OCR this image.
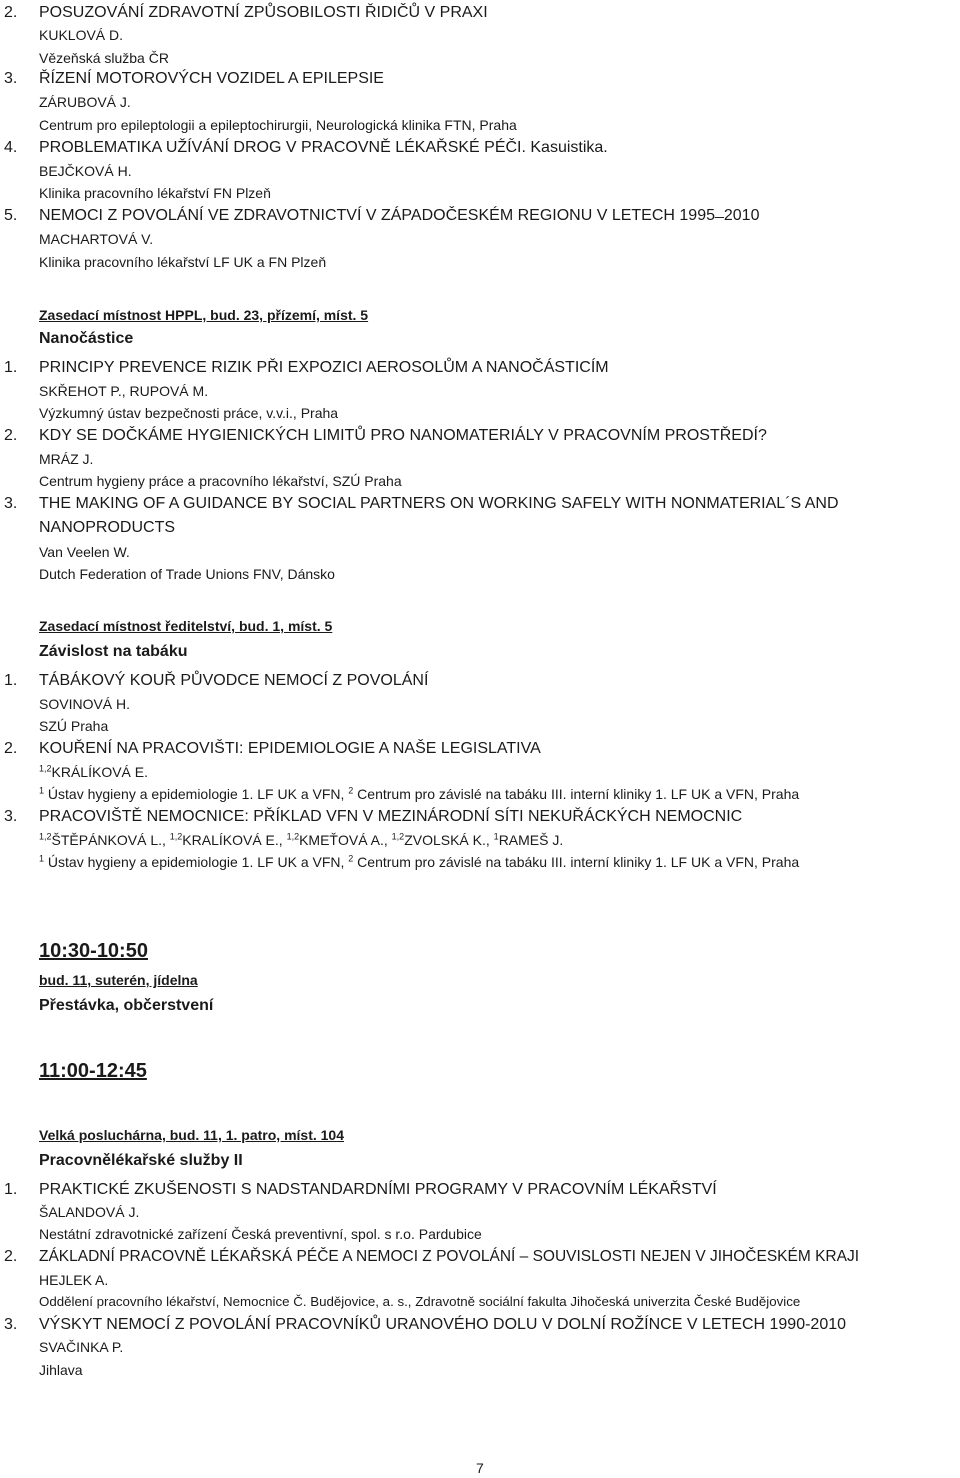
2. POSUZOVÁNÍ ZDRAVOTNÍ ZPŮSOBILOSTI ŘIDIČŮ V PRAXI
KUKLOVÁ D.
Vězeňská služba ČR
3. ŘÍZENÍ MOTOROVÝCH VOZIDEL A EPILEPSIE
ZÁRUBOVÁ J.
Centrum pro epileptologii a epileptochirurgii, Neurologická klinika FTN, Praha
4. PROBLEMATIKA UŽÍVÁNÍ DROG V PRACOVNĚ LÉKAŘSKÉ PÉČI. Kasuistika.
BEJČKOVÁ H.
Klinika pracovního lékařství FN Plzeň
5. NEMOCI Z POVOLÁNÍ VE ZDRAVOTNICTVÍ V ZÁPADOČESKÉM REGIONU V LETECH 1995 ̶ 2010
MACHARTOVÁ V.
Klinika pracovního lékařství LF UK a FN Plzeň
Zasedací místnost HPPL, bud. 23, přízemí, míst. 5
Nanočástice
1. PRINCIPY PREVENCE RIZIK PŘI EXPOZICI AEROSOLŮM A NANOČÁSTICÍM
SKŘEHOT P., RUPOVÁ M.
Výzkumný ústav bezpečnosti práce, v.v.i., Praha
2. KDY SE DOČKÁME HYGIENICKÝCH LIMITŮ PRO NANOMATERIÁLY V PRACOVNÍM PROSTŘEDÍ?
MRÁZ J.
Centrum hygieny práce a pracovního lékařství, SZÚ Praha
3. THE MAKING OF A GUIDANCE BY SOCIAL PARTNERS ON WORKING SAFELY WITH NONMATERIAL´S AND
NANOPRODUCTS
Van Veelen W.
Dutch Federation of Trade Unions FNV, Dánsko
Zasedací místnost ředitelství, bud. 1, míst. 5
Závislost na tabáku
1. TÁBÁKOVÝ KOUŘ PŮVODCE NEMOCÍ Z POVOLÁNÍ
SOVINOVÁ H.
SZÚ Praha
2. KOUŘENÍ NA PRACOVIŠTI: EPIDEMIOLOGIE A NAŠE LEGISLATIVA
$^{1,2}$KRÁLÍKOVÁ E.
$^1$ Ústav hygieny a epidemiologie 1. LF UK a VFN, $^2$ Centrum pro závislé na tabáku III. interní kliniky 1. LF UK a VFN, Praha
3. PRACOVIŠTĚ NEMOCNICE: PŘÍKLAD VFN V MEZINÁRODNÍ SÍTI NEKUŘÁCKÝCH NEMOCNIC
$^{1,2}$ŠTĚPÁNKOVÁ L., $^{1,2}$KRALÍKOVÁ E., $^{1,2}$KMEŤOVÁ A., $^{1,2}$ZVOLSKÁ K., $^1$RAMEŠ J.
$^1$ Ústav hygieny a epidemiologie 1. LF UK a VFN, $^2$ Centrum pro závislé na tabáku III. interní kliniky 1. LF UK a VFN, Praha
10:30-10:50
bud. 11, suterén, jídelna
Přestávka, občerstvení
11:00-12:45
Velká posluchárna, bud. 11, 1. patro, míst. 104
Pracovnělékařské služby II
1. PRAKTICKÉ ZKUŠENOSTI S NADSTANDARDNÍMI PROGRAMY V PRACOVNÍM LÉKAŘSTVÍ
ŠALANDOVÁ J.
Nestátní zdravotnické zařízení Česká preventivní, spol. s r.o. Pardubice
2. ZÁKLADNÍ PRACOVNĚ LÉKAŘSKÁ PÉČE A NEMOCI Z POVOLÁNÍ – SOUVISLOSTI NEJEN V JIHOČESKÉM KRAJI
HEJLEK A.
Oddělení pracovního lékařství, Nemocnice Č. Budějovice, a. s., Zdravotně sociální fakulta Jihočeská univerzita České Budějovice
3. VÝSKYT NEMOCÍ Z POVOLÁNÍ PRACOVNÍKŮ URANOVÉHO DOLU V DOLNÍ ROŽÍNCE V LETECH 1990-2010
SVAČINKA P.
Jihlava
7
